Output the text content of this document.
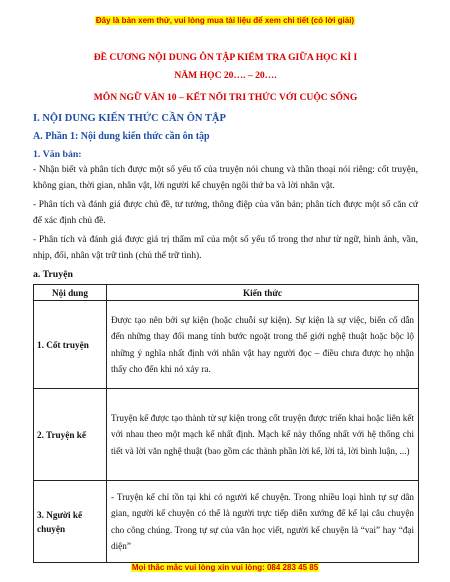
Đây là bản xem thử, vui lòng mua tài liệu để xem chi tiết (có lời giải)
ĐỀ CƯƠNG NỘI DUNG ÔN TẬP KIỂM TRA GIỮA HỌC KÌ I
NĂM HỌC 20…. – 20….
MÔN NGỮ VĂN 10 – KẾT NỐI TRI THỨC VỚI CUỘC SỐNG
I. NỘI DUNG KIẾN THỨC CẦN ÔN TẬP
A. Phần 1: Nội dung kiến thức cần ôn tập
1. Văn bản:
- Nhận biết và phân tích được một số yếu tố của truyện nói chung và thần thoại nói riêng: cốt truyện, không gian, thời gian, nhân vật, lời người kể chuyện ngôi thứ ba và lời nhân vật.
- Phân tích và đánh giá được chủ đề, tư tưởng, thông điệp của văn bản; phân tích được một số căn cứ để xác định chủ đề.
- Phân tích và đánh giá được giá trị thẩm mĩ của một số yếu tố trong thơ như từ ngữ, hình ảnh, vần, nhịp, đối, nhân vật trữ tình (chủ thể trữ tình).
a. Truyện
Nội dung	Kiến thức
1. Cốt truyện	Được tạo nên bởi sự kiện (hoặc chuỗi sự kiện). Sự kiện là sự việc, biến cố dẫn đến những thay đổi mang tính bước ngoặt trong thế giới nghệ thuật hoặc bộc lộ những ý nghĩa nhất định với nhân vật hay người đọc – điều chưa được họ nhận thấy cho đến khi nó xảy ra.
2. Truyện kể	Truyện kể được tạo thành từ sự kiện trong cốt truyện được triển khai hoặc liên kết với nhau theo một mạch kể nhất định. Mạch kể này thống nhất với hệ thống chi tiết và lời văn nghệ thuật (bao gồm các thành phần lời kể, lời tả, lời bình luận, ...)
3. Người kể chuyện	- Truyện kể chỉ tồn tại khi có người kể chuyện. Trong nhiều loại hình tự sự dân gian, người kể chuyện có thể là người trực tiếp diễn xướng để kể lại câu chuyện cho công chúng. Trong tự sự của văn học viết, người kể chuyện là “vai” hay “đại diện”
Mọi thắc mắc vui lòng xin vui lòng: 084 283 45 85
